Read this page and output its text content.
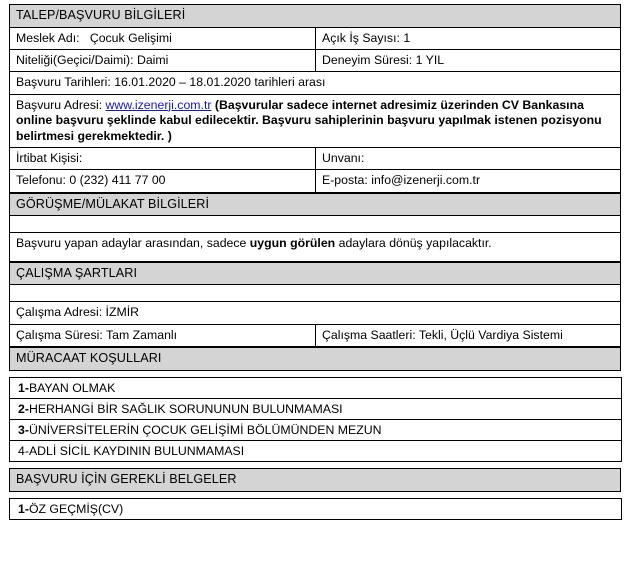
TALEP/BAŞVURU BİLGİLERİ	
Meslek Adı: Çocuk Gelişimi	Açık İş Sayısı: 1
Niteliği(Geçici/Daimi): Daimi	Deneyim Süresi: 1 YIL
Başvuru Tarihleri: 16.01.2020 – 18.01.2020 tarihleri arası	
Başvuru Adresi: www.izenerji.com.tr (Başvurular sadece internet adresimiz üzerinden CV Bankasına online başvuru şeklinde kabul edilecektir. Başvuru sahiplerinin başvuru yapılmak istenen pozisyonu belirtmesi gerekmektedir. )	
İrtibat Kişisi:	Unvanı:
Telefonu: 0 (232) 411 77 00	E-posta: info@izenerji.com.tr
GÖRÜŞME/MÜLAKAT BİLGİLERİ

Başvuru yapan adaylar arasından, sadece uygun görülen adaylara dönüş yapılacaktır.
ÇALIŞMA ŞARTLARI

Çalışma Adresi: İZMİR
Çalışma Süresi: Tam Zamanlı	Çalışma Saatleri: Tekli, Üçlü Vardiya Sistemi
MÜRACAAT KOŞULLARI
1-BAYAN OLMAK
2-HERHANGİ BİR SAĞLIK SORUNUNUN BULUNMAMASI
3-ÜNİVERSİTELERİN ÇOCUK GELİŞİMİ BÖLÜMÜNDEN MEZUN
4-ADLİ SİCİL KAYDININ BULUNMAMASI
BAŞVURU İÇİN GEREKLİ BELGELER
1-ÖZ GEÇMİŞ(CV)
